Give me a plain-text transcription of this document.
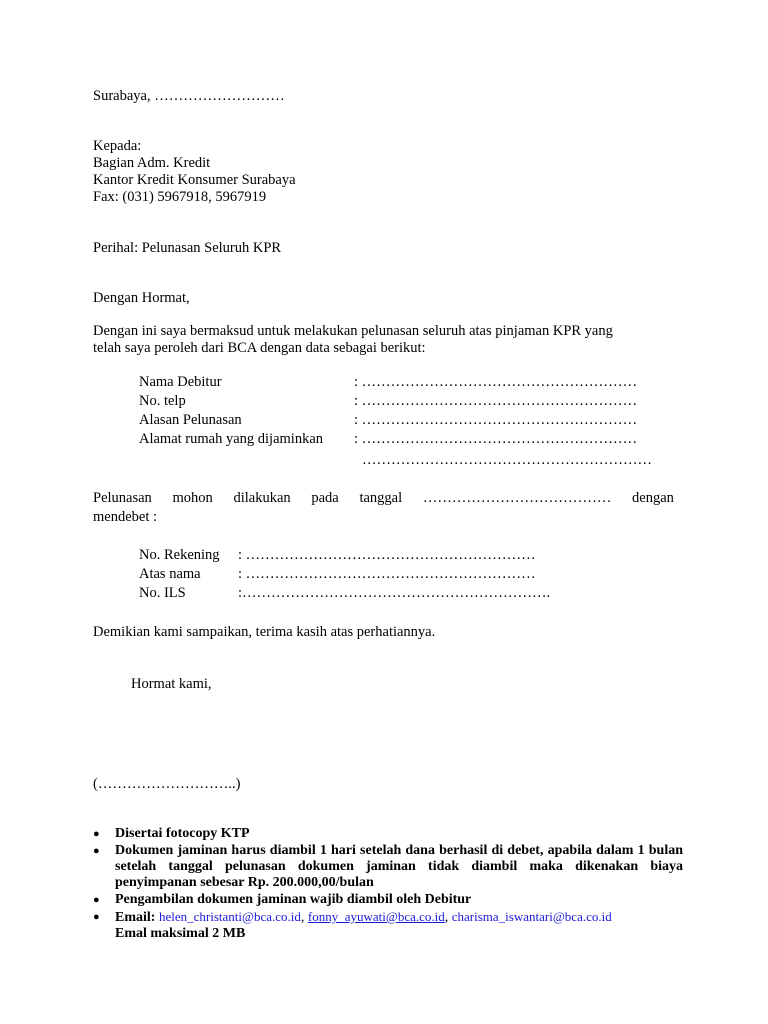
Surabaya, ………………………
Kepada:
Bagian Adm. Kredit
Kantor Kredit Konsumer Surabaya
Fax: (031) 5967918, 5967919
Perihal: Pelunasan Seluruh KPR
Dengan Hormat,
Dengan ini saya bermaksud untuk melakukan pelunasan seluruh atas pinjaman KPR yang
telah saya peroleh dari BCA dengan data sebagai berikut:
Nama Debitur	: …………………………………………………
No. telp	: …………………………………………………
Alasan Pelunasan	: …………………………………………………
Alamat rumah yang dijaminkan : …………………………………………………
……………………………………………………
Pelunasan mohon dilakukan pada tanggal ………………………………… dengan
mendebet :
No. Rekening : ……………………………………………………
Atas nama	: ……………………………………………………
No. ILS	:……………………………………………………….
Demikian kami sampaikan, terima kasih atas perhatiannya.
Hormat kami,
(………………………..)
● Disertai fotocopy KTP
● Dokumen jaminan harus diambil 1 hari setelah dana berhasil di debet, apabila dalam 1 bulan setelah tanggal pelunasan dokumen jaminan tidak diambil maka dikenakan biaya penyimpanan sebesar Rp. 200.000,00/bulan
● Pengambilan dokumen jaminan wajib diambil oleh Debitur
● Email: helen_christanti@bca.co.id, fonny_ayuwati@bca.co.id, charisma_iswantari@bca.co.id
Emal maksimal 2 MB
